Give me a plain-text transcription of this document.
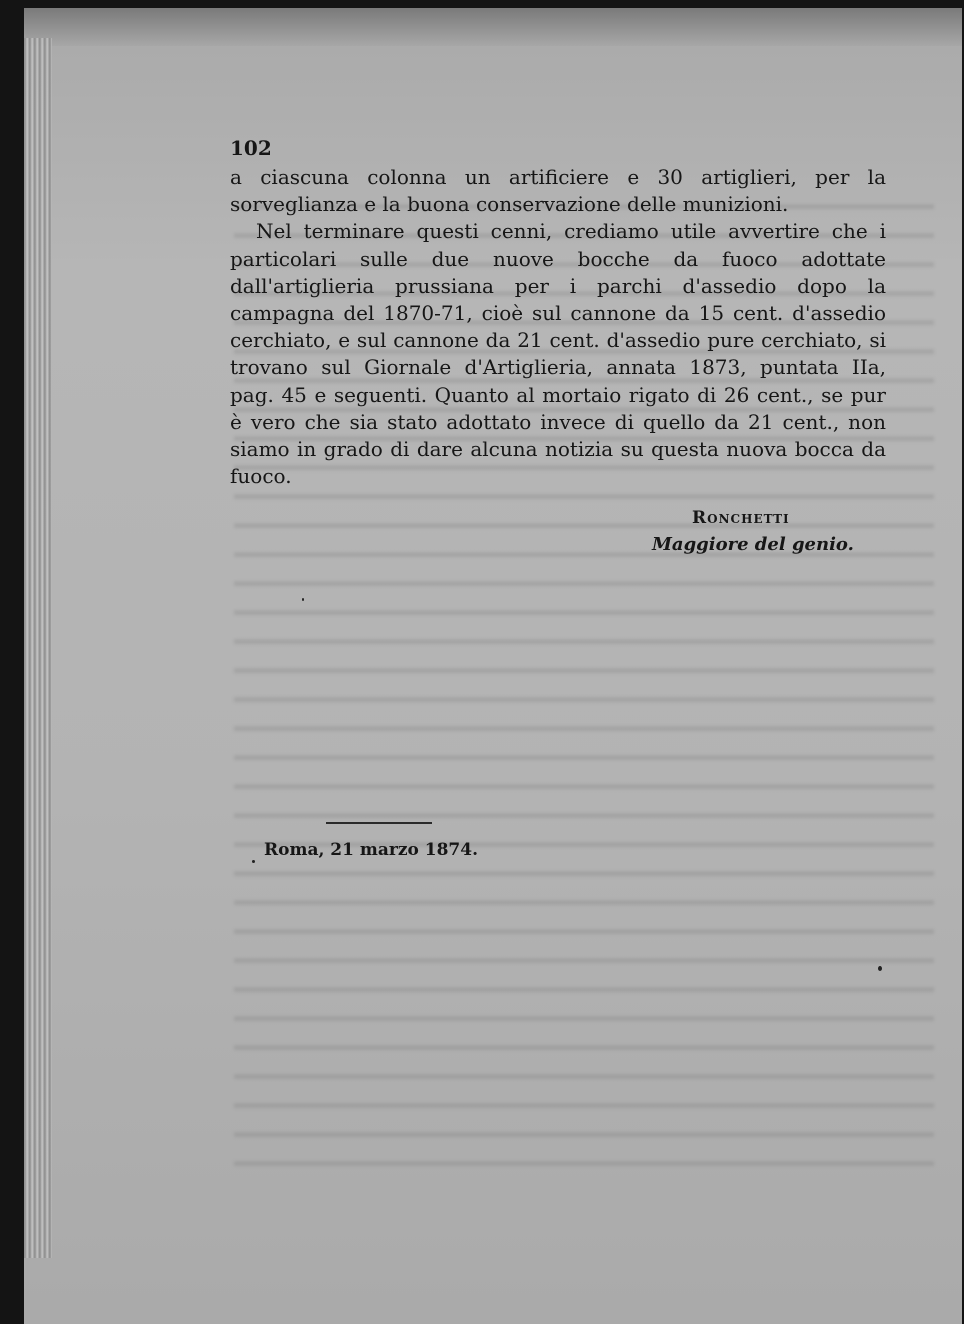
102

a ciascuna colonna un artificiere e 30 artiglieri, per la sorveglianza e la buona conservazione delle munizioni.

Nel terminare questi cenni, crediamo utile avvertire che i particolari sulle due nuove bocche da fuoco adottate dall'artiglieria prussiana per i parchi d'assedio dopo la campagna del 1870-71, cioè sul cannone da 15 cent. d'assedio cerchiato, e sul cannone da 21 cent. d'assedio pure cerchiato, si trovano sul Giornale d'Artiglieria, annata 1873, puntata IIa, pag. 45 e seguenti. Quanto al mortaio rigato di 26 cent., se pur è vero che sia stato adottato invece di quello da 21 cent., non siamo in grado di dare alcuna notizia su questa nuova bocca da fuoco.

Ronchetti
Maggiore del genio.
Roma, 21 marzo 1874.
